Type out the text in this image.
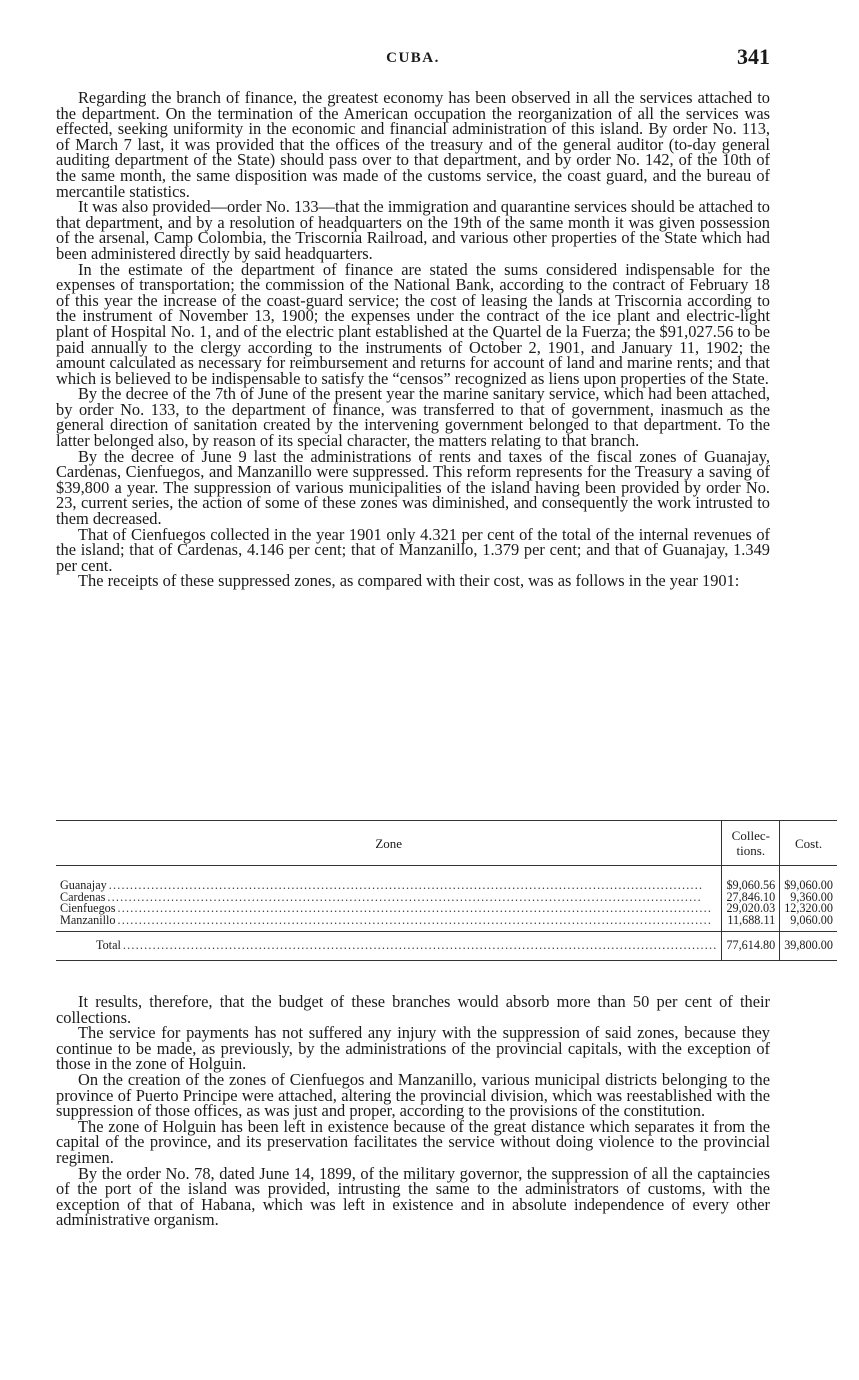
CUBA.	341

Regarding the branch of finance, the greatest economy has been observed in all the services attached to the department. On the termination of the American occupation the reorganization of all the services was effected, seeking uniformity in the economic and financial administration of this island. By order No. 113, of March 7 last, it was provided that the offices of the treasury and of the general auditor (to-day general auditing department of the State) should pass over to that department, and by order No. 142, of the 10th of the same month, the same disposition was made of the customs service, the coast guard, and the bureau of mercantile statistics.

It was also provided—order No. 133—that the immigration and quarantine services should be attached to that department, and by a resolution of headquarters on the 19th of the same month it was given possession of the arsenal, Camp Colombia, the Triscornia Railroad, and various other properties of the State which had been administered directly by said headquarters.

In the estimate of the department of finance are stated the sums considered indispensable for the expenses of transportation; the commission of the National Bank, according to the contract of February 18 of this year the increase of the coast-guard service; the cost of leasing the lands at Triscornia according to the instrument of November 13, 1900; the expenses under the contract of the ice plant and electric-light plant of Hospital No. 1, and of the electric plant established at the Quartel de la Fuerza; the $91,027.56 to be paid annually to the clergy according to the instruments of October 2, 1901, and January 11, 1902; the amount calculated as necessary for reimbursement and returns for account of land and marine rents; and that which is believed to be indispensable to satisfy the “censos” recognized as liens upon properties of the State.

By the decree of the 7th of June of the present year the marine sanitary service, which had been attached, by order No. 133, to the department of finance, was transferred to that of government, inasmuch as the general direction of sanitation created by the intervening government belonged to that department. To the latter belonged also, by reason of its special character, the matters relating to that branch.

By the decree of June 9 last the administrations of rents and taxes of the fiscal zones of Guanajay, Cardenas, Cienfuegos, and Manzanillo were suppressed. This reform represents for the Treasury a saving of $39,800 a year. The suppression of various municipalities of the island having been provided by order No. 23, current series, the action of some of these zones was diminished, and consequently the work intrusted to them decreased.

That of Cienfuegos collected in the year 1901 only 4.321 per cent of the total of the internal revenues of the island; that of Cardenas, 4.146 per cent; that of Manzanillo, 1.379 per cent; and that of Guanajay, 1.349 per cent.

The receipts of these suppressed zones, as compared with their cost, was as follows in the year 1901:

Zone	Collec- tions.	Cost.

Guanajay ............................................................................................................................................	$9,060.56	$9,060.00

Cardenas ............................................................................................................................................	27,846.10	9,360.00

Cienfuegos ............................................................................................................................................	29,020.03	12,320.00

Manzanillo ............................................................................................................................................	11,688.11	9,060.00

Total ............................................................................................................................................	77,614.80	39,800.00

It results, therefore, that the budget of these branches would absorb more than 50 per cent of their collections.

The service for payments has not suffered any injury with the suppression of said zones, because they continue to be made, as previously, by the administrations of the provincial capitals, with the exception of those in the zone of Holguin.

On the creation of the zones of Cienfuegos and Manzanillo, various municipal districts belonging to the province of Puerto Principe were attached, altering the provincial division, which was reestablished with the suppression of those offices, as was just and proper, according to the provisions of the constitution.

The zone of Holguin has been left in existence because of the great distance which separates it from the capital of the province, and its preservation facilitates the service without doing violence to the provincial regimen.

By the order No. 78, dated June 14, 1899, of the military governor, the suppression of all the captaincies of the port of the island was provided, intrusting the same to the administrators of customs, with the exception of that of Habana, which was left in existence and in absolute independence of every other administrative organism.
